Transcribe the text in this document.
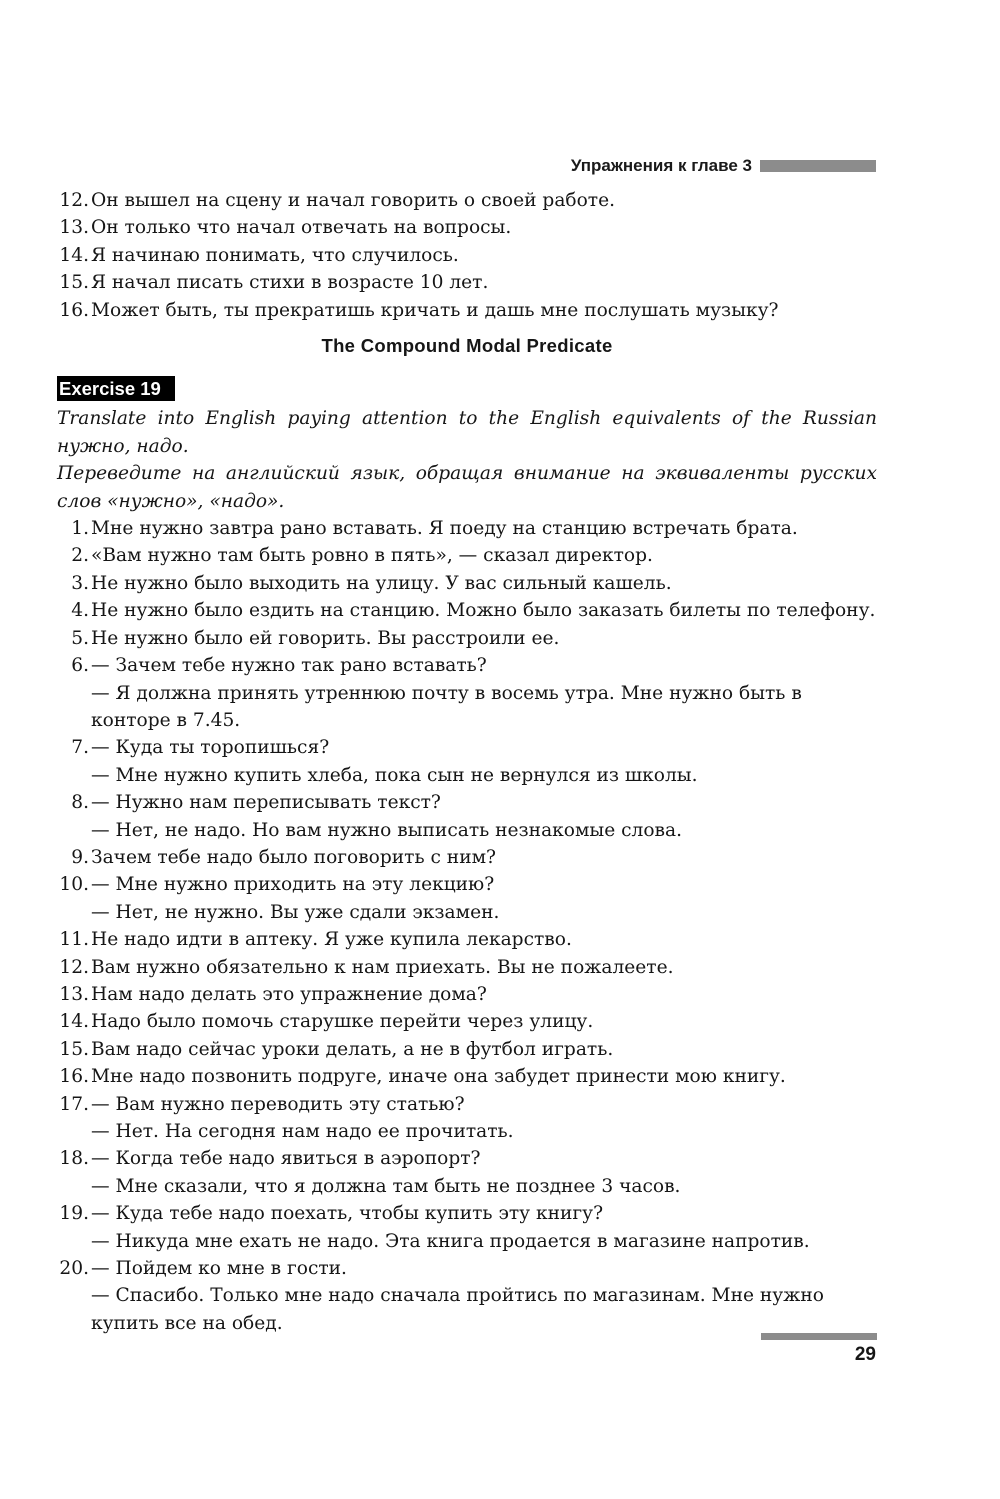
Упражнения к главе 3
12. Он вышел на сцену и начал говорить о своей работе.
13. Он только что начал отвечать на вопросы.
14. Я начинаю понимать, что случилось.
15. Я начал писать стихи в возрасте 10 лет.
16. Может быть, ты прекратишь кричать и дашь мне послушать музыку?
The Compound Modal Predicate
Exercise 19
Translate into English paying attention to the English equivalents of the Russian нужно, надо.
Переведите на английский язык, обращая внимание на эквиваленты русских слов «нужно», «надо».
1. Мне нужно завтра рано вставать. Я поеду на станцию встречать брата.
2. «Вам нужно там быть ровно в пять», — сказал директор.
3. Не нужно было выходить на улицу. У вас сильный кашель.
4. Не нужно было ездить на станцию. Можно было заказать билеты по телефону.
5. Не нужно было ей говорить. Вы расстроили ее.
6. — Зачем тебе нужно так рано вставать?
— Я должна принять утреннюю почту в восемь утра. Мне нужно быть в конторе в 7.45.
7. — Куда ты торопишься?
— Мне нужно купить хлеба, пока сын не вернулся из школы.
8. — Нужно нам переписывать текст?
— Нет, не надо. Но вам нужно выписать незнакомые слова.
9. Зачем тебе надо было поговорить с ним?
10. — Мне нужно приходить на эту лекцию?
— Нет, не нужно. Вы уже сдали экзамен.
11. Не надо идти в аптеку. Я уже купила лекарство.
12. Вам нужно обязательно к нам приехать. Вы не пожалеете.
13. Нам надо делать это упражнение дома?
14. Надо было помочь старушке перейти через улицу.
15. Вам надо сейчас уроки делать, а не в футбол играть.
16. Мне надо позвонить подруге, иначе она забудет принести мою книгу.
17. — Вам нужно переводить эту статью?
— Нет. На сегодня нам надо ее прочитать.
18. — Когда тебе надо явиться в аэропорт?
— Мне сказали, что я должна там быть не позднее 3 часов.
19. — Куда тебе надо поехать, чтобы купить эту книгу?
— Никуда мне ехать не надо. Эта книга продается в магазине напротив.
20. — Пойдем ко мне в гости.
— Спасибо. Только мне надо сначала пройтись по магазинам. Мне нужно купить все на обед.
29
